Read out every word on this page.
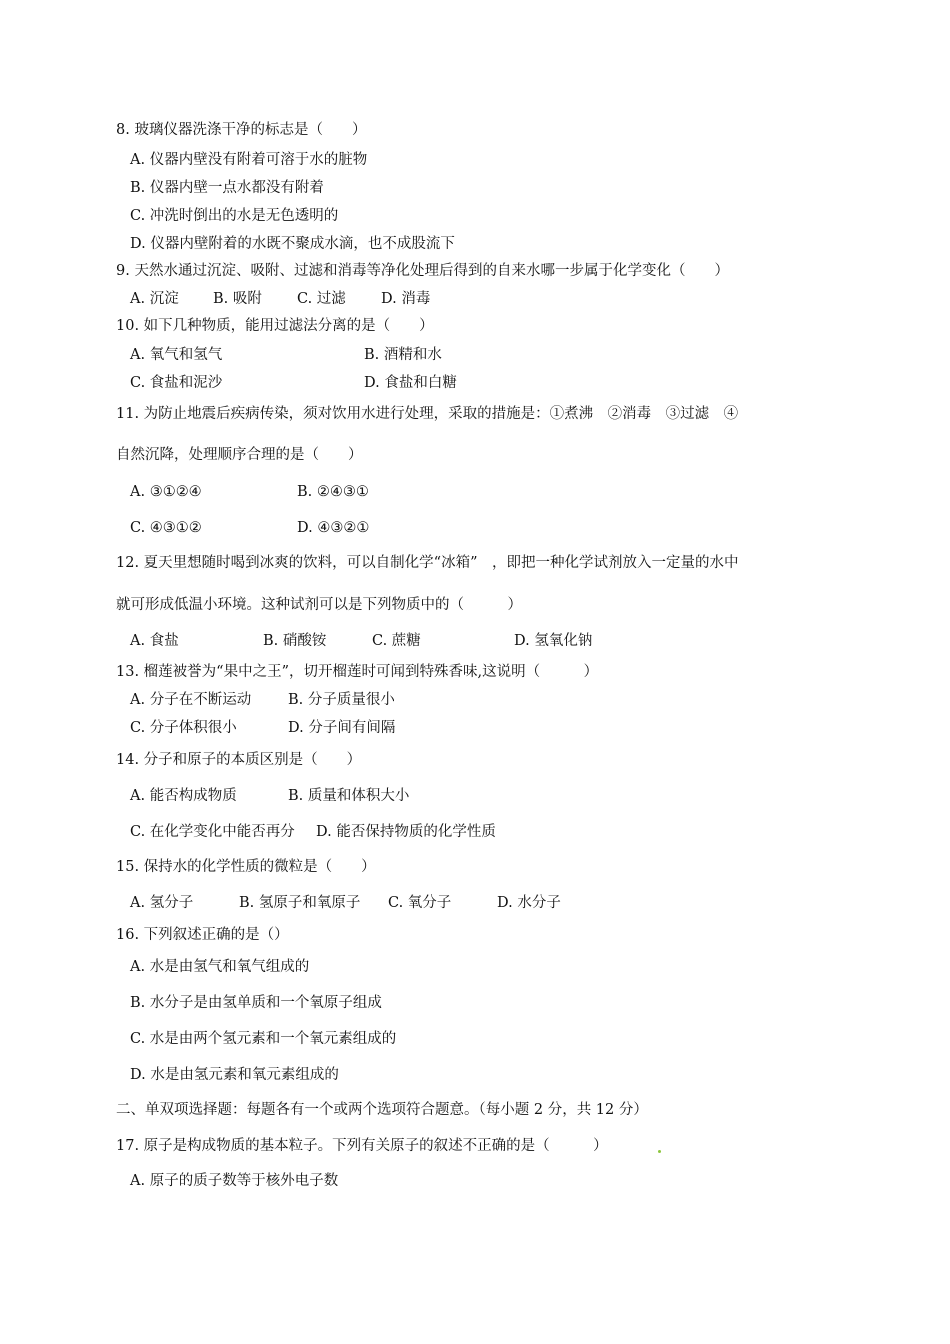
8. 玻璃仪器洗涤干净的标志是（　　）
A. 仪器内壁没有附着可溶于水的脏物
B. 仪器内壁一点水都没有附着
C. 冲洗时倒出的水是无色透明的
D. 仪器内壁附着的水既不聚成水滴，也不成股流下
9. 天然水通过沉淀、吸附、过滤和消毒等净化处理后得到的自来水哪一步属于化学变化（　　）
A. 沉淀 B. 吸附 C. 过滤 D. 消毒
10. 如下几种物质，能用过滤法分离的是（　　）
A. 氧气和氢气	B. 酒精和水
C. 食盐和泥沙	D. 食盐和白糖
11. 为防止地震后疾病传染，须对饮用水进行处理，采取的措施是：①煮沸　②消毒　③过滤　④
自然沉降，处理顺序合理的是（　　）
A. ③①②④	B. ②④③①
C. ④③①②	D. ④③②①
12. 夏天里想随时喝到冰爽的饮料，可以自制化学“冰箱”　，即把一种化学试剂放入一定量的水中
就可形成低温小环境。这种试剂可以是下列物质中的（　　　）
A. 食盐	B. 硝酸铵	C. 蔗糖	D. 氢氧化钠
13. 榴莲被誉为“果中之王”，切开榴莲时可闻到特殊香味,这说明（　　　）
A. 分子在不断运动	B. 分子质量很小
C. 分子体积很小	D. 分子间有间隔
14. 分子和原子的本质区别是（　　）
A. 能否构成物质	B. 质量和体积大小
C. 在化学变化中能否再分 D. 能否保持物质的化学性质
15. 保持水的化学性质的微粒是（　　）
A. 氢分子	B. 氢原子和氧原子 C. 氧分子	D. 水分子
16. 下列叙述正确的是（）
A. 水是由氢气和氧气组成的
B. 水分子是由氢单质和一个氧原子组成
C. 水是由两个氢元素和一个氧元素组成的
D. 水是由氢元素和氧元素组成的
二、单双项选择题：每题各有一个或两个选项符合题意。（每小题 2 分，共 12 分）
17. 原子是构成物质的基本粒子。下列有关原子的叙述不正确的是（　　　）
A. 原子的质子数等于核外电子数
